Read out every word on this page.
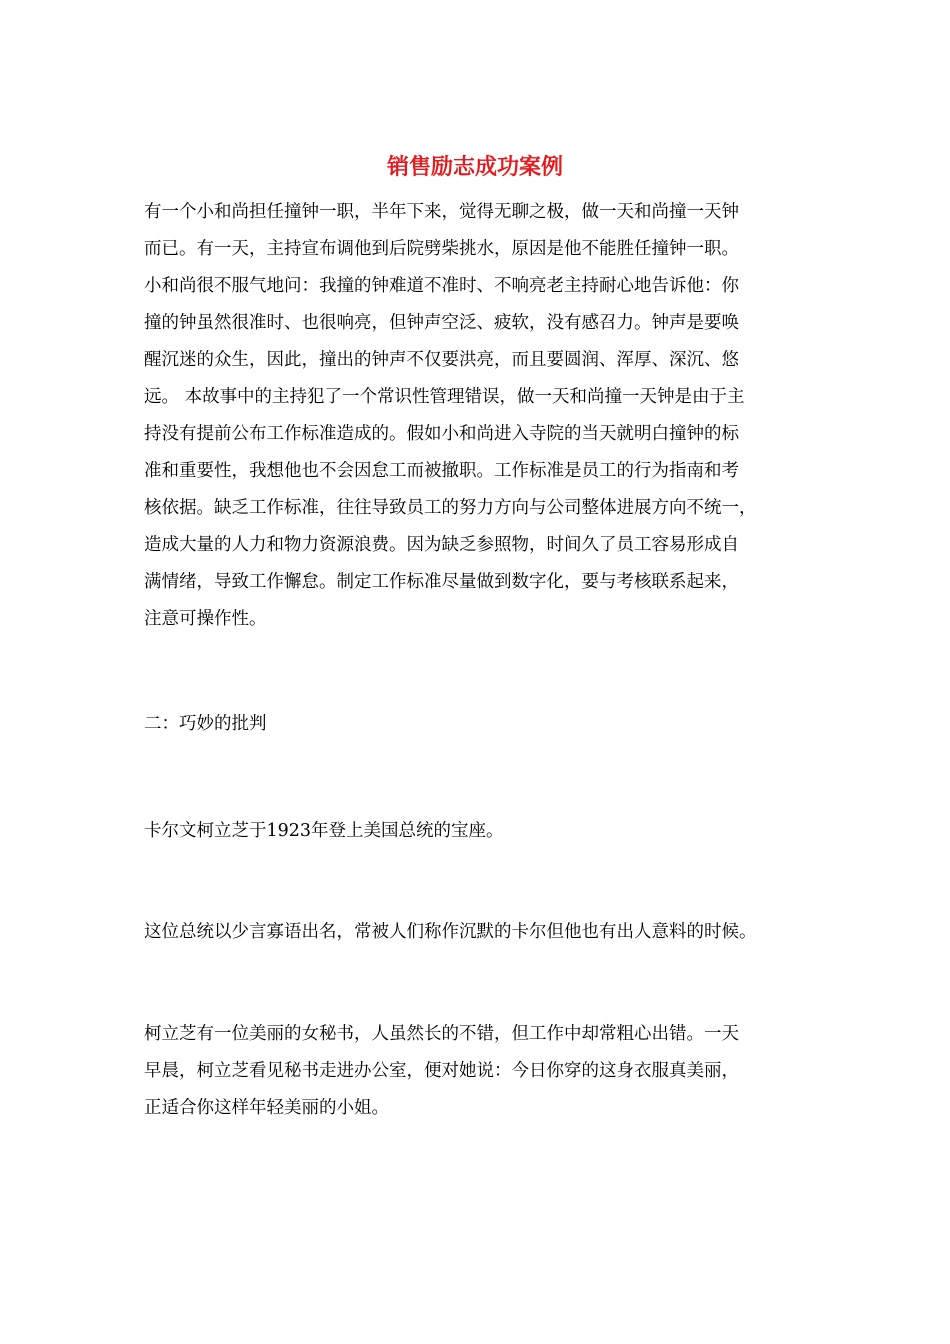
销售励志成功案例
有一个小和尚担任撞钟一职，半年下来，觉得无聊之极，做一天和尚撞一天钟
而已。有一天，主持宣布调他到后院劈柴挑水，原因是他不能胜任撞钟一职。
小和尚很不服气地问：我撞的钟难道不准时、不响亮老主持耐心地告诉他：你
撞的钟虽然很准时、也很响亮，但钟声空泛、疲软，没有感召力。钟声是要唤
醒沉迷的众生，因此，撞出的钟声不仅要洪亮，而且要圆润、浑厚、深沉、悠
远。 本故事中的主持犯了一个常识性管理错误，做一天和尚撞一天钟是由于主
持没有提前公布工作标准造成的。假如小和尚进入寺院的当天就明白撞钟的标
准和重要性，我想他也不会因怠工而被撤职。工作标准是员工的行为指南和考
核依据。缺乏工作标准，往往导致员工的努力方向与公司整体进展方向不统一，
造成大量的人力和物力资源浪费。因为缺乏参照物，时间久了员工容易形成自
满情绪，导致工作懈怠。制定工作标准尽量做到数字化，要与考核联系起来，
注意可操作性。
二：巧妙的批判
卡尔文柯立芝于1923年登上美国总统的宝座。
这位总统以少言寡语出名，常被人们称作沉默的卡尔但他也有出人意料的时候。
柯立芝有一位美丽的女秘书，人虽然长的不错，但工作中却常粗心出错。一天
早晨，柯立芝看见秘书走进办公室，便对她说：今日你穿的这身衣服真美丽，
正适合你这样年轻美丽的小姐。
